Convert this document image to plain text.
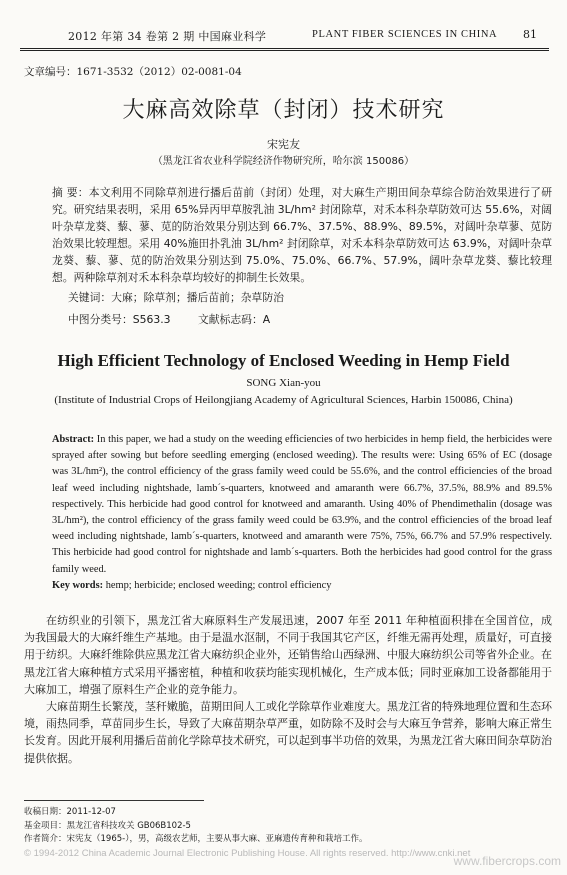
2012 年第 34 卷第 2 期 中国麻业科学	PLANT FIBER SCIENCES IN CHINA 81
文章编号：1671-3532（2012）02-0081-04
大麻高效除草（封闭）技术研究
宋宪友
（黑龙江省农业科学院经济作物研究所，哈尔滨 150086）
摘 要：本文利用不同除草剂进行播后苗前（封闭）处理，对大麻生产期田间杂草综合防治效果进行了研究。研究结果表明，采用 65%异丙甲草胺乳油 3L/hm² 封闭除草，对禾本科杂草防效可达 55.6%，对阔叶杂草龙葵、藜、蓼、苋的防治效果分别达到 66.7%、37.5%、88.9%、89.5%，对阔叶杂草蓼、苋防治效果比较理想。采用 40%施田扑乳油 3L/hm² 封闭除草，对禾本科杂草防效可达 63.9%，对阔叶杂草龙葵、藜、蓼、苋的防治效果分别达到 75.0%、75.0%、66.7%、57.9%，阔叶杂草龙葵、藜比较理想。两种除草剂对禾本科杂草均较好的抑制生长效果。
关键词：大麻；除草剂；播后苗前；杂草防治
中图分类号：S563.3	文献标志码：A
High Efficient Technology of Enclosed Weeding in Hemp Field
SONG Xian-you
(Institute of Industrial Crops of Heilongjiang Academy of Agricultural Sciences, Harbin 150086, China)
Abstract: In this paper, we had a study on the weeding efficiencies of two herbicides in hemp field, the herbicides were sprayed after sowing but before seedling emerging (enclosed weeding). The results were: Using 65% of EC (dosage was 3L/hm²), the control efficiency of the grass family weed could be 55.6%, and the control efficiencies of the broad leaf weed including nightshade, lamb´s-quarters, knotweed and amaranth were 66.7%, 37.5%, 88.9% and 89.5% respectively. This herbicide had good control for knotweed and amaranth. Using 40% of Phendimethalin (dosage was 3L/hm²), the control efficiency of the grass family weed could be 63.9%, and the control efficiencies of the broad leaf weed including nightshade, lamb´s-quarters, knotweed and amaranth were 75%, 75%, 66.7% and 57.9% respectively. This herbicide had good control for nightshade and lamb´s-quarters. Both the herbicides had good control for the grass family weed.
Key words: hemp; herbicide; enclosed weeding; control efficiency

在纺织业的引领下，黑龙江省大麻原料生产发展迅速，2007 年至 2011 年种植面积排在全国首位，成为我国最大的大麻纤维生产基地。由于是温水沤制，不同于我国其它产区，纤维无需再处理，质量好，可直接用于纺织。大麻纤维除供应黑龙江省大麻纺织企业外，还销售给山西绿洲、中服大麻纺织公司等省外企业。在黑龙江省大麻种植方式采用平播密植，种植和收获均能实现机械化，生产成本低；同时亚麻加工设备都能用于大麻加工，增强了原料生产企业的竞争能力。

大麻苗期生长繁茂，茎秆嫩脆，苗期田间人工或化学除草作业难度大。黑龙江省的特殊地理位置和生态环境，雨热同季，草苗同步生长，导致了大麻苗期杂草严重，如防除不及时会与大麻互争营养，影响大麻正常生长发育。因此开展利用播后苗前化学除草技术研究，可以起到事半功倍的效果，为黑龙江省大麻田间杂草防治提供依据。

收稿日期：2011-12-07
基金项目：黑龙江省科技攻关 GB06B102-5
作者简介：宋宪友（1965-），男，高级农艺师，主要从事大麻、亚麻遗传育种和栽培工作。
© 1994-2012 China Academic Journal Electronic Publishing House. All rights reserved. http://www.cnki.net
www.fibercrops.com
